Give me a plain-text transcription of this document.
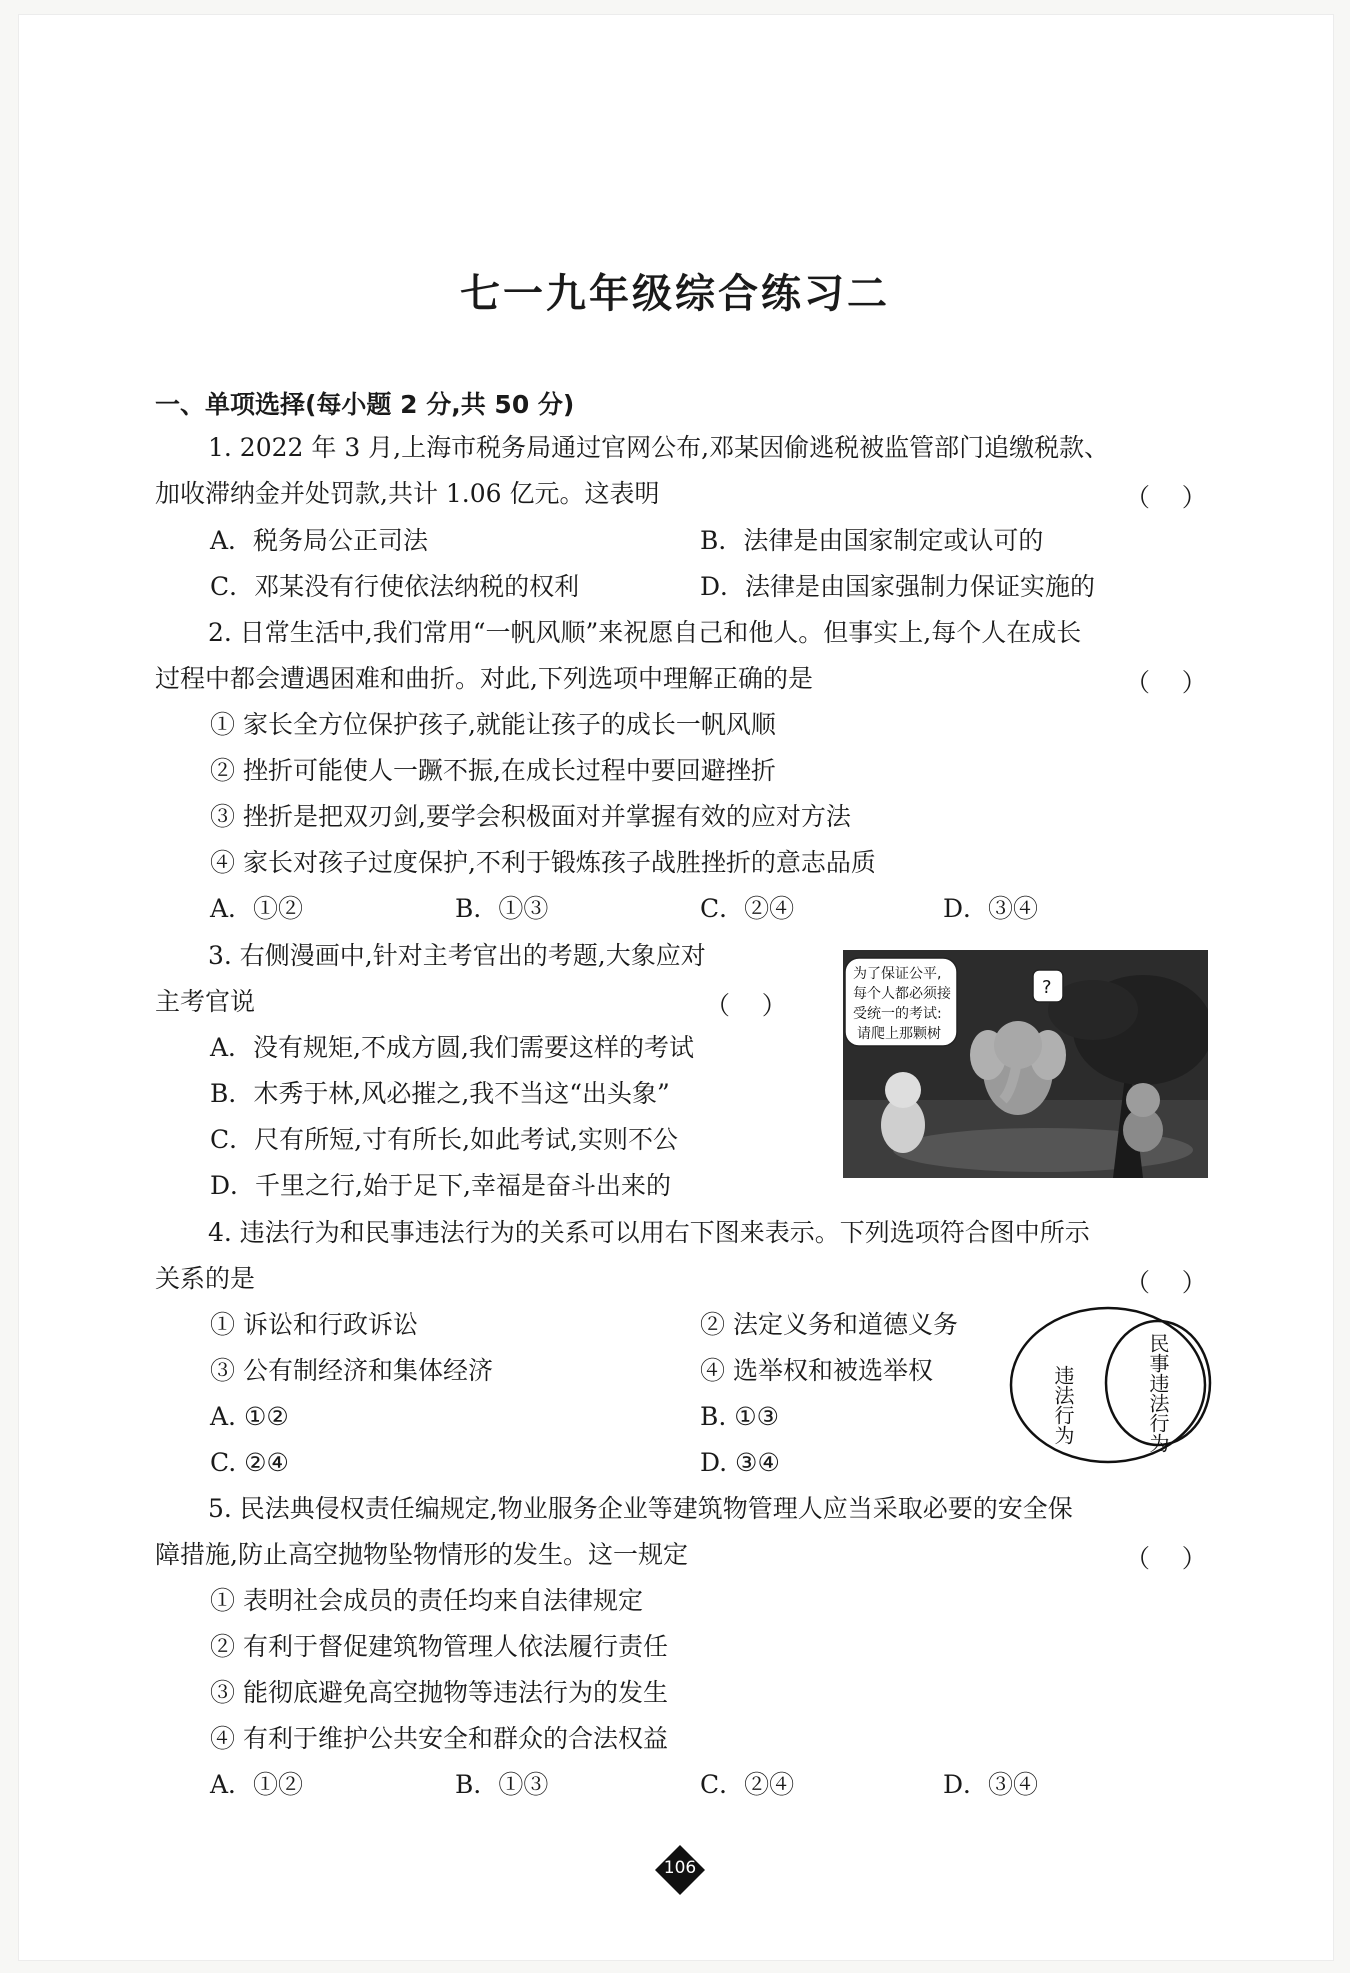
七一九年级综合练习二
一、单项选择(每小题 2 分,共 50 分)
1. 2022 年 3 月,上海市税务局通过官网公布,邓某因偷逃税被监管部门追缴税款、
加收滞纳金并处罚款,共计 1.06 亿元。这表明	（    ）
A．税务局公正司法	B．法律是由国家制定或认可的
C．邓某没有行使依法纳税的权利	D．法律是由国家强制力保证实施的
2. 日常生活中,我们常用“一帆风顺”来祝愿自己和他人。但事实上,每个人在成长
过程中都会遭遇困难和曲折。对此,下列选项中理解正确的是	（    ）
① 家长全方位保护孩子,就能让孩子的成长一帆风顺
② 挫折可能使人一蹶不振,在成长过程中要回避挫折
③ 挫折是把双刃剑,要学会积极面对并掌握有效的应对方法
④ 家长对孩子过度保护,不利于锻炼孩子战胜挫折的意志品质
A．①②	B．①③	C．②④	D．③④
3. 右侧漫画中,针对主考官出的考题,大象应对
主考官说	（    ）
A．没有规矩,不成方圆,我们需要这样的考试
B．木秀于林,风必摧之,我不当这“出头象”
C．尺有所短,寸有所长,如此考试,实则不公
D．千里之行,始于足下,幸福是奋斗出来的
为了保证公平,
每个人都必须接
受统一的考试:
请爬上那颗树
?
4. 违法行为和民事违法行为的关系可以用右下图来表示。下列选项符合图中所示
关系的是	（    ）
① 诉讼和行政诉讼	② 法定义务和道德义务
③ 公有制经济和集体经济	④ 选举权和被选举权
A. ①②	B. ①③
C. ②④	D. ③④
违法行为	民事违法行为
5. 民法典侵权责任编规定,物业服务企业等建筑物管理人应当采取必要的安全保
障措施,防止高空抛物坠物情形的发生。这一规定	（    ）
① 表明社会成员的责任均来自法律规定
② 有利于督促建筑物管理人依法履行责任
③ 能彻底避免高空抛物等违法行为的发生
④ 有利于维护公共安全和群众的合法权益
A．①②	B．①③	C．②④	D．③④
106
